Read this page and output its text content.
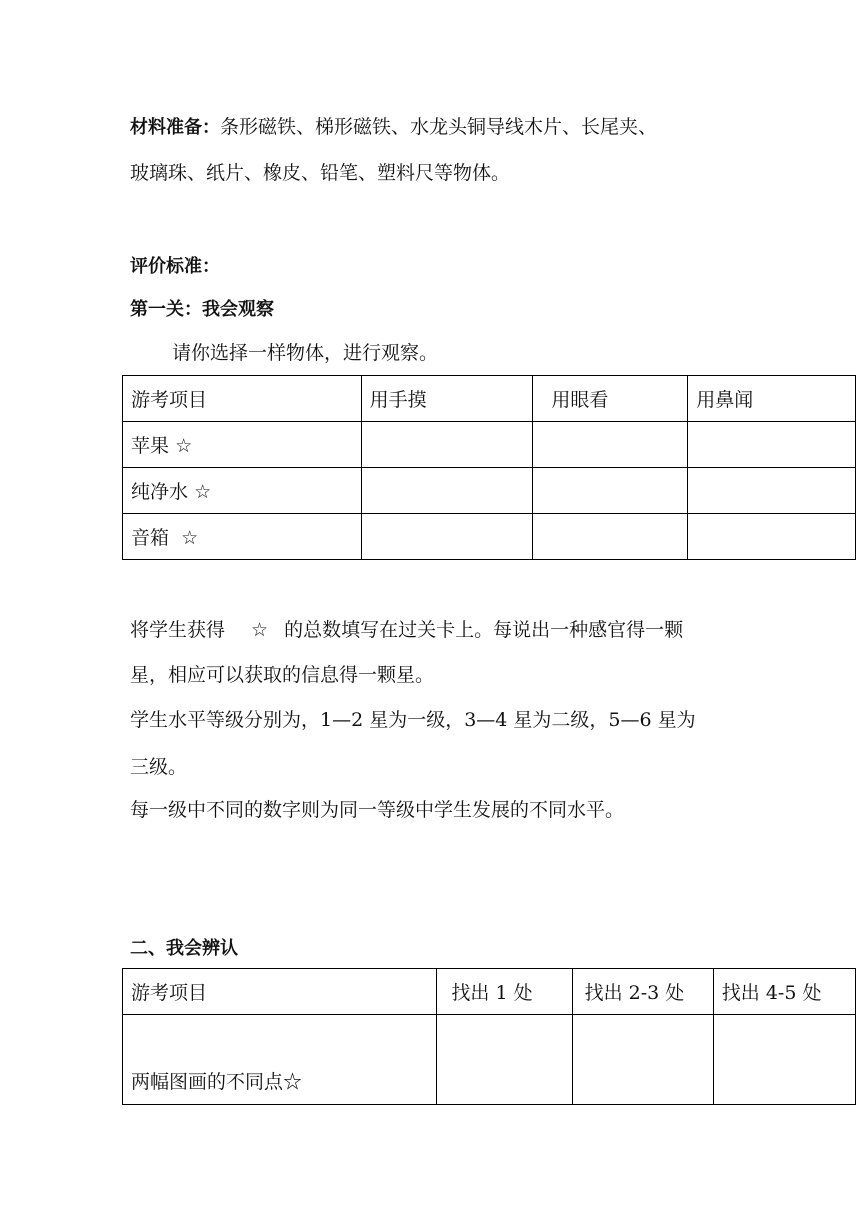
材料准备：条形磁铁、梯形磁铁、水龙头铜导线木片、长尾夹、
玻璃珠、纸片、橡皮、铅笔、塑料尺等物体。
评价标准：
第一关：我会观察
请你选择一样物体，进行观察。
游考项目	用手摸	用眼看	用鼻闻

苹果 ☆			

纯净水 ☆			

音箱 ☆			

将学生获得 ☆ 的总数填写在过关卡上。每说出一种感官得一颗
星，相应可以获取的信息得一颗星。
学生水平等级分别为，1—2 星为一级，3—4 星为二级，5—6 星为
三级。
每一级中不同的数字则为同一等级中学生发展的不同水平。
二、我会辨认
游考项目	找出 1 处	找出 2-3 处	找出 4-5 处

两幅图画的不同点☆			
